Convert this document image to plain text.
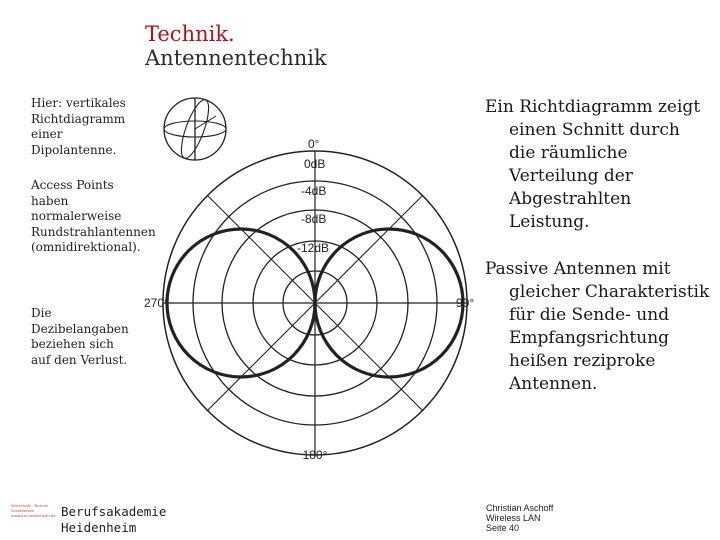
Technik.
Antennentechnik
Hier: vertikales Richtdiagramm einer Dipolantenne.
Access Points haben normalerweise Rundstrahlantennen (omnidirektional).
Die Dezibelangaben beziehen sich auf den Verlust.
0°
90°
180°
270°
0dB
-4dB
-8dB
-12dB

Ein Richtdiagramm zeigt einen Schnitt durch die räumliche Verteilung der Abgestrahlten Leistung.

Passive Antennen mit gleicher Charakteristik für die Sende- und Empfangsrichtung heißen reziproke Antennen.

Wirtschaft · Technik
Sozialwesen
www.ba-heidenheim.de Berufsakademie
Heidenheim
Christian Aschoff
Wireless LAN
Seite 40
